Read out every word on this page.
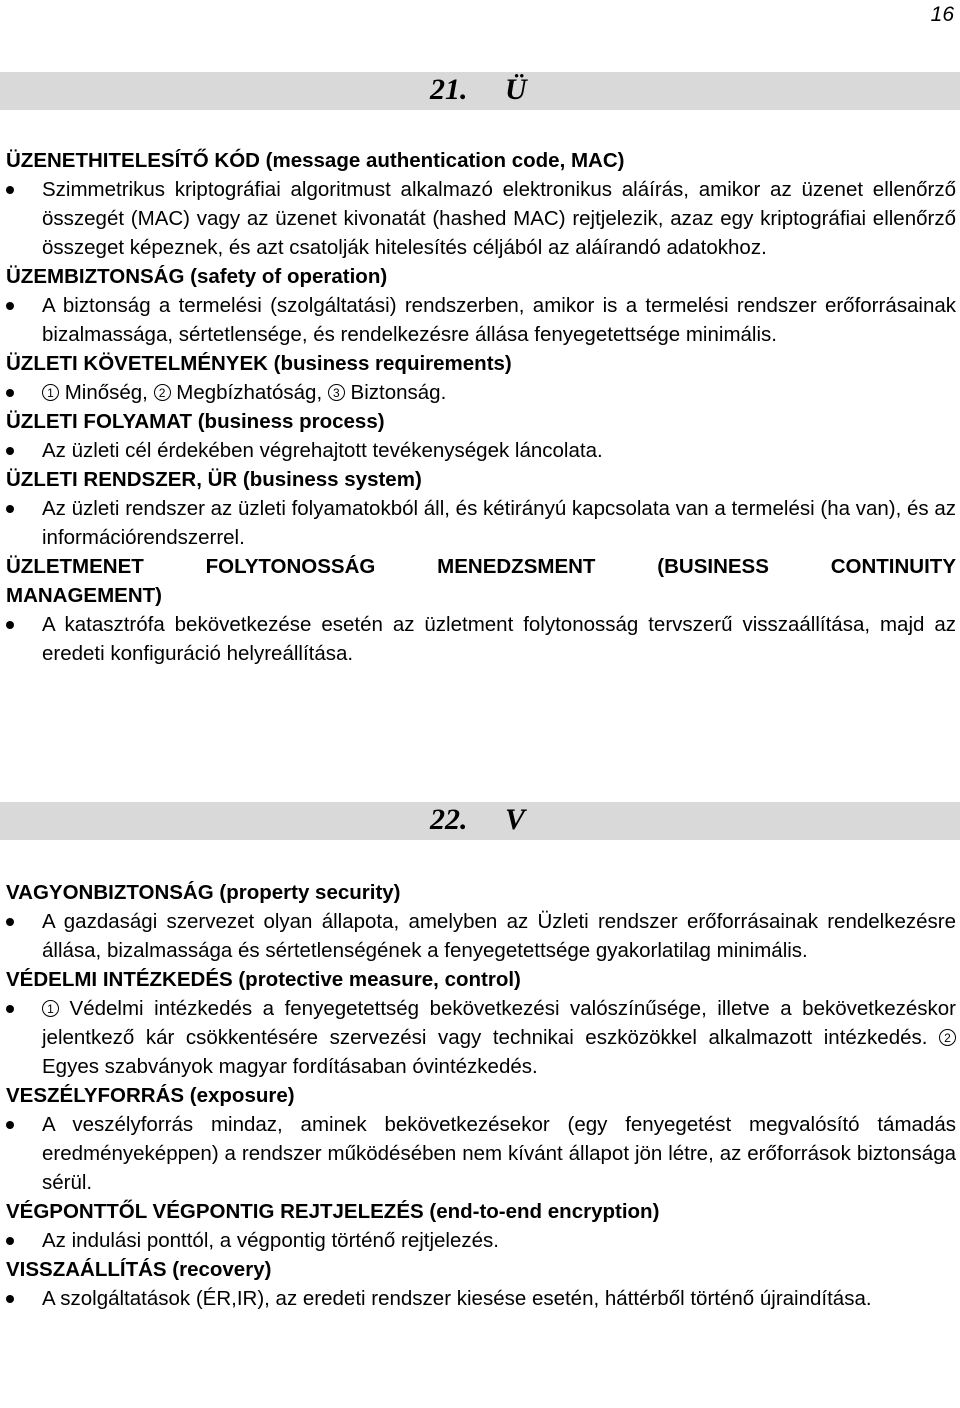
16
21. Ü
ÜZENETHITELESÍTŐ KÓD (message authentication code, MAC)
Szimmetrikus kriptográfiai algoritmust alkalmazó elektronikus aláírás, amikor az üzenet ellenőrző összegét (MAC) vagy az üzenet kivonatát (hashed MAC) rejtjelezik, azaz egy kriptográfiai ellenőrző összeget képeznek, és azt csatolják hitelesítés céljából az aláírandó adatokhoz.
ÜZEMBIZTONSÁG (safety of operation)
A biztonság a termelési (szolgáltatási) rendszerben, amikor is a termelési rendszer erőforrásainak bizalmassága, sértetlensége, és rendelkezésre állása fenyegetettsége minimális.
ÜZLETI KÖVETELMÉNYEK (business requirements)
1 Minőség, 2 Megbízhatóság, 3 Biztonság.
ÜZLETI FOLYAMAT (business process)
Az üzleti cél érdekében végrehajtott tevékenységek láncolata.
ÜZLETI RENDSZER, ÜR (business system)
Az üzleti rendszer az üzleti folyamatokból áll, és kétirányú kapcsolata van a termelési (ha van), és az információrendszerrel.
ÜZLETMENET FOLYTONOSSÁG MENEDZSMENT (BUSINESS CONTINUITY
MANAGEMENT)
A katasztrófa bekövetkezése esetén az üzletment folytonosság tervszerű visszaállítása, majd az eredeti konfiguráció helyreállítása.
22. V
VAGYONBIZTONSÁG (property security)
A gazdasági szervezet olyan állapota, amelyben az Üzleti rendszer erőforrásainak rendelkezésre állása, bizalmassága és sértetlenségének a fenyegetettsége gyakorlatilag minimális.
VÉDELMI INTÉZKEDÉS (protective measure, control)
1 Védelmi intézkedés a fenyegetettség bekövetkezési valószínűsége, illetve a bekövetkezéskor jelentkező kár csökkentésére szervezési vagy technikai eszközökkel alkalmazott intézkedés. 2 Egyes szabványok magyar fordításaban óvintézkedés.
VESZÉLYFORRÁS (exposure)
A veszélyforrás mindaz, aminek bekövetkezésekor (egy fenyegetést megvalósító támadás eredményeképpen) a rendszer működésében nem kívánt állapot jön létre, az erőforrások biztonsága sérül.
VÉGPONTTŐL VÉGPONTIG REJTJELEZÉS (end-to-end encryption)
Az indulási ponttól, a végpontig történő rejtjelezés.
VISSZAÁLLÍTÁS (recovery)
A szolgáltatások (ÉR,IR), az eredeti rendszer kiesése esetén, háttérből történő újraindítása.
